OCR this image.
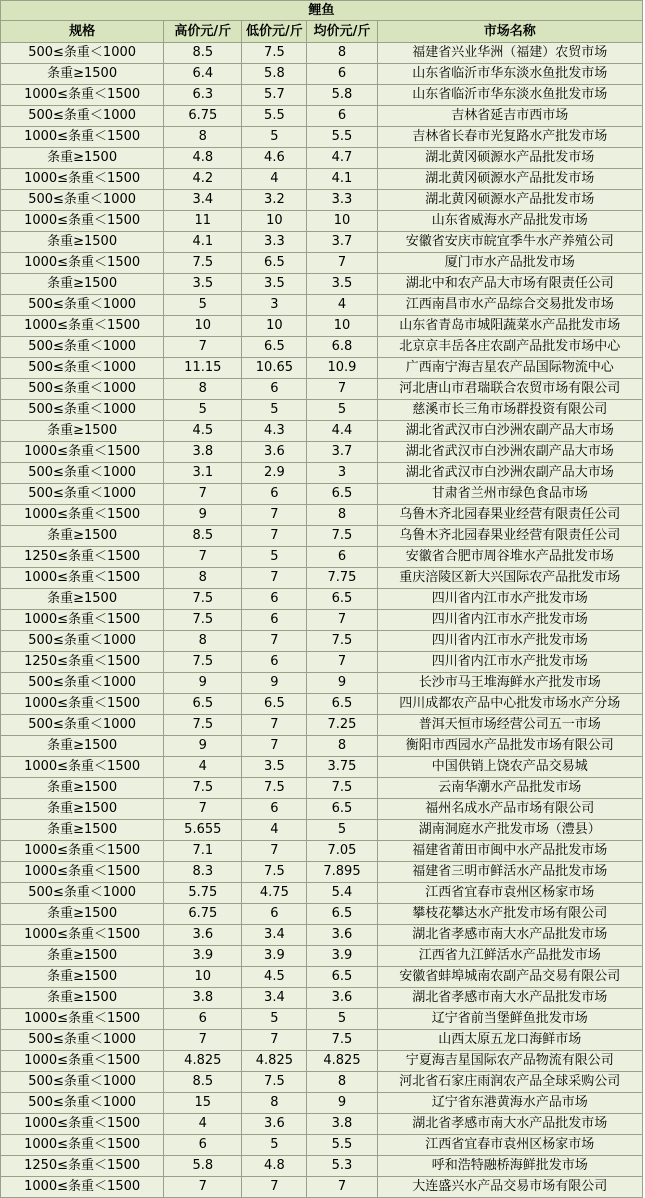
鲤鱼				
规格	高价元/斤	低价元/斤	均价元/斤	市场名称
500≤条重＜1000	8.5	7.5	8	福建省兴业华洲（福建）农贸市场
条重≥1500	6.4	5.8	6	山东省临沂市华东淡水鱼批发市场
1000≤条重＜1500	6.3	5.7	5.8	山东省临沂市华东淡水鱼批发市场
500≤条重＜1000	6.75	5.5	6	吉林省延吉市西市场
1000≤条重＜1500	8	5	5.5	吉林省长春市光复路水产批发市场
条重≥1500	4.8	4.6	4.7	湖北黄冈硕源水产品批发市场
1000≤条重＜1500	4.2	4	4.1	湖北黄冈硕源水产品批发市场
500≤条重＜1000	3.4	3.2	3.3	湖北黄冈硕源水产品批发市场
1000≤条重＜1500	11	10	10	山东省威海水产品批发市场
条重≥1500	4.1	3.3	3.7	安徽省安庆市皖宜季牛水产养殖公司
1000≤条重＜1500	7.5	6.5	7	厦门市水产品批发市场
条重≥1500	3.5	3.5	3.5	湖北中和农产品大市场有限责任公司
500≤条重＜1000	5	3	4	江西南昌市水产品综合交易批发市场
1000≤条重＜1500	10	10	10	山东省青岛市城阳蔬菜水产品批发市场
500≤条重＜1000	7	6.5	6.8	北京京丰岳各庄农副产品批发市场中心
500≤条重＜1000	11.15	10.65	10.9	广西南宁海吉星农产品国际物流中心
500≤条重＜1000	8	6	7	河北唐山市君瑞联合农贸市场有限公司
500≤条重＜1000	5	5	5	慈溪市长三角市场群投资有限公司
条重≥1500	4.5	4.3	4.4	湖北省武汉市白沙洲农副产品大市场
1000≤条重＜1500	3.8	3.6	3.7	湖北省武汉市白沙洲农副产品大市场
500≤条重＜1000	3.1	2.9	3	湖北省武汉市白沙洲农副产品大市场
500≤条重＜1000	7	6	6.5	甘肃省兰州市绿色食品市场
1000≤条重＜1500	9	7	8	乌鲁木齐北园春果业经营有限责任公司
条重≥1500	8.5	7	7.5	乌鲁木齐北园春果业经营有限责任公司
1250≤条重＜1500	7	5	6	安徽省合肥市周谷堆水产品批发市场
1000≤条重＜1500	8	7	7.75	重庆涪陵区新大兴国际农产品批发市场
条重≥1500	7.5	6	6.5	四川省内江市水产批发市场
1000≤条重＜1500	7.5	6	7	四川省内江市水产批发市场
500≤条重＜1000	8	7	7.5	四川省内江市水产批发市场
1250≤条重＜1500	7.5	6	7	四川省内江市水产批发市场
500≤条重＜1000	9	9	9	长沙市马王堆海鲜水产批发市场
1000≤条重＜1500	6.5	6.5	6.5	四川成都农产品中心批发市场水产分场
500≤条重＜1000	7.5	7	7.25	普洱天恒市场经营公司五一市场
条重≥1500	9	7	8	衡阳市西园水产品批发市场有限公司
1000≤条重＜1500	4	3.5	3.75	中国供销上饶农产品交易城
条重≥1500	7.5	7.5	7.5	云南华潮水产品批发市场
条重≥1500	7	6	6.5	福州名成水产品市场有限公司
条重≥1500	5.655	4	5	湖南洞庭水产批发市场（澧县）
1000≤条重＜1500	7.1	7	7.05	福建省莆田市闽中水产品批发市场
1000≤条重＜1500	8.3	7.5	7.895	福建省三明市鲜活水产品批发市场
500≤条重＜1000	5.75	4.75	5.4	江西省宜春市袁州区杨家市场
条重≥1500	6.75	6	6.5	攀枝花攀达水产批发市场有限公司
1000≤条重＜1500	3.6	3.4	3.6	湖北省孝感市南大水产品批发市场
条重≥1500	3.9	3.9	3.9	江西省九江鲜活水产品批发市场
条重≥1500	10	4.5	6.5	安徽省蚌埠城南农副产品交易有限公司
条重≥1500	3.8	3.4	3.6	湖北省孝感市南大水产品批发市场
1000≤条重＜1500	6	5	5	辽宁省前当堡鲜鱼批发市场
500≤条重＜1000	7	7	7.5	山西太原五龙口海鲜市场
1000≤条重＜1500	4.825	4.825	4.825	宁夏海吉星国际农产品物流有限公司
500≤条重＜1000	8.5	7.5	8	河北省石家庄雨润农产品全球采购公司
500≤条重＜1000	15	8	9	辽宁省东港黄海水产品市场
1000≤条重＜1500	4	3.6	3.8	湖北省孝感市南大水产品批发市场
1000≤条重＜1500	6	5	5.5	江西省宜春市袁州区杨家市场
1250≤条重＜1500	5.8	4.8	5.3	呼和浩特融桥海鲜批发市场
1000≤条重＜1500	7	7	7	大连盛兴水产品交易市场有限公司
